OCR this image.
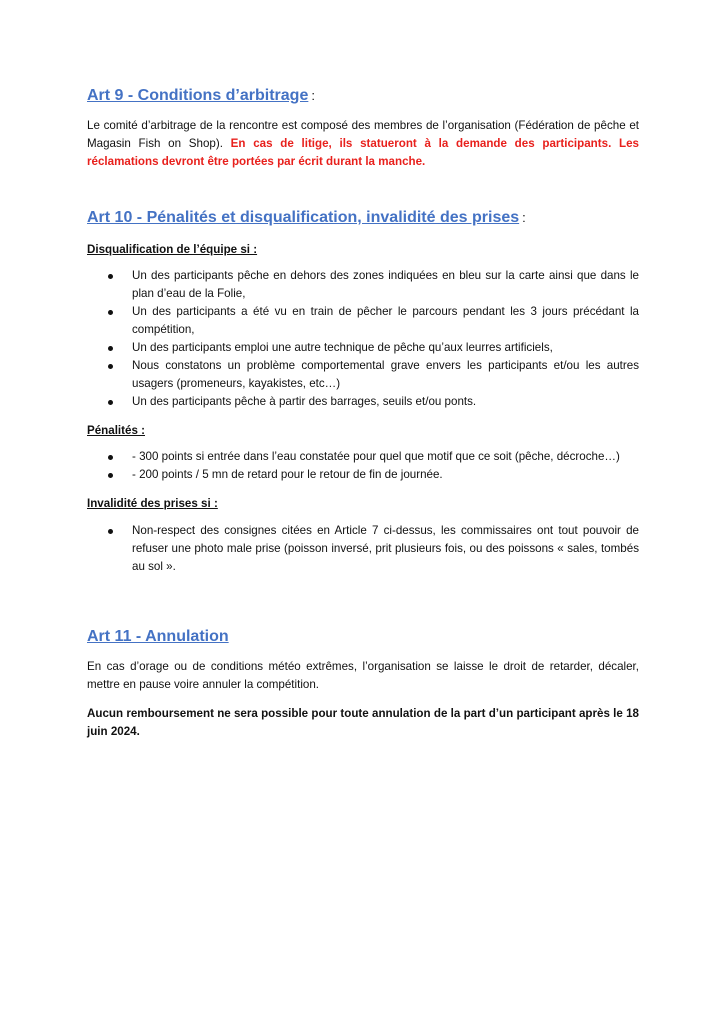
Art 9 - Conditions d’arbitrage :

Le comité d’arbitrage de la rencontre est composé des membres de l’organisation (Fédération de pêche et Magasin Fish on Shop). En cas de litige, ils statueront à la demande des participants. Les réclamations devront être portées par écrit durant la manche.

Art 10 - Pénalités et disqualification, invalidité des prises :

Disqualification de l’équipe si :

Un des participants pêche en dehors des zones indiquées en bleu sur la carte ainsi que dans le plan d’eau de la Folie,
Un des participants a été vu en train de pêcher le parcours pendant les 3 jours précédant la compétition,
Un des participants emploi une autre technique de pêche qu’aux leurres artificiels,
Nous constatons un problème comportemental grave envers les participants et/ou les autres usagers (promeneurs, kayakistes, etc…)
Un des participants pêche à partir des barrages, seuils et/ou ponts.

Pénalités :

- 300 points si entrée dans l’eau constatée pour quel que motif que ce soit (pêche, décroche…)
- 200 points / 5 mn de retard pour le retour de fin de journée.

Invalidité des prises si :

Non-respect des consignes citées en Article 7 ci-dessus, les commissaires ont tout pouvoir de refuser une photo male prise (poisson inversé, prit plusieurs fois, ou des poissons « sales, tombés au sol ».
Art 11 - Annulation

En cas d’orage ou de conditions météo extrêmes, l’organisation se laisse le droit de retarder, décaler, mettre en pause voire annuler la compétition.

Aucun remboursement ne sera possible pour toute annulation de la part d’un participant après le 18 juin 2024.
